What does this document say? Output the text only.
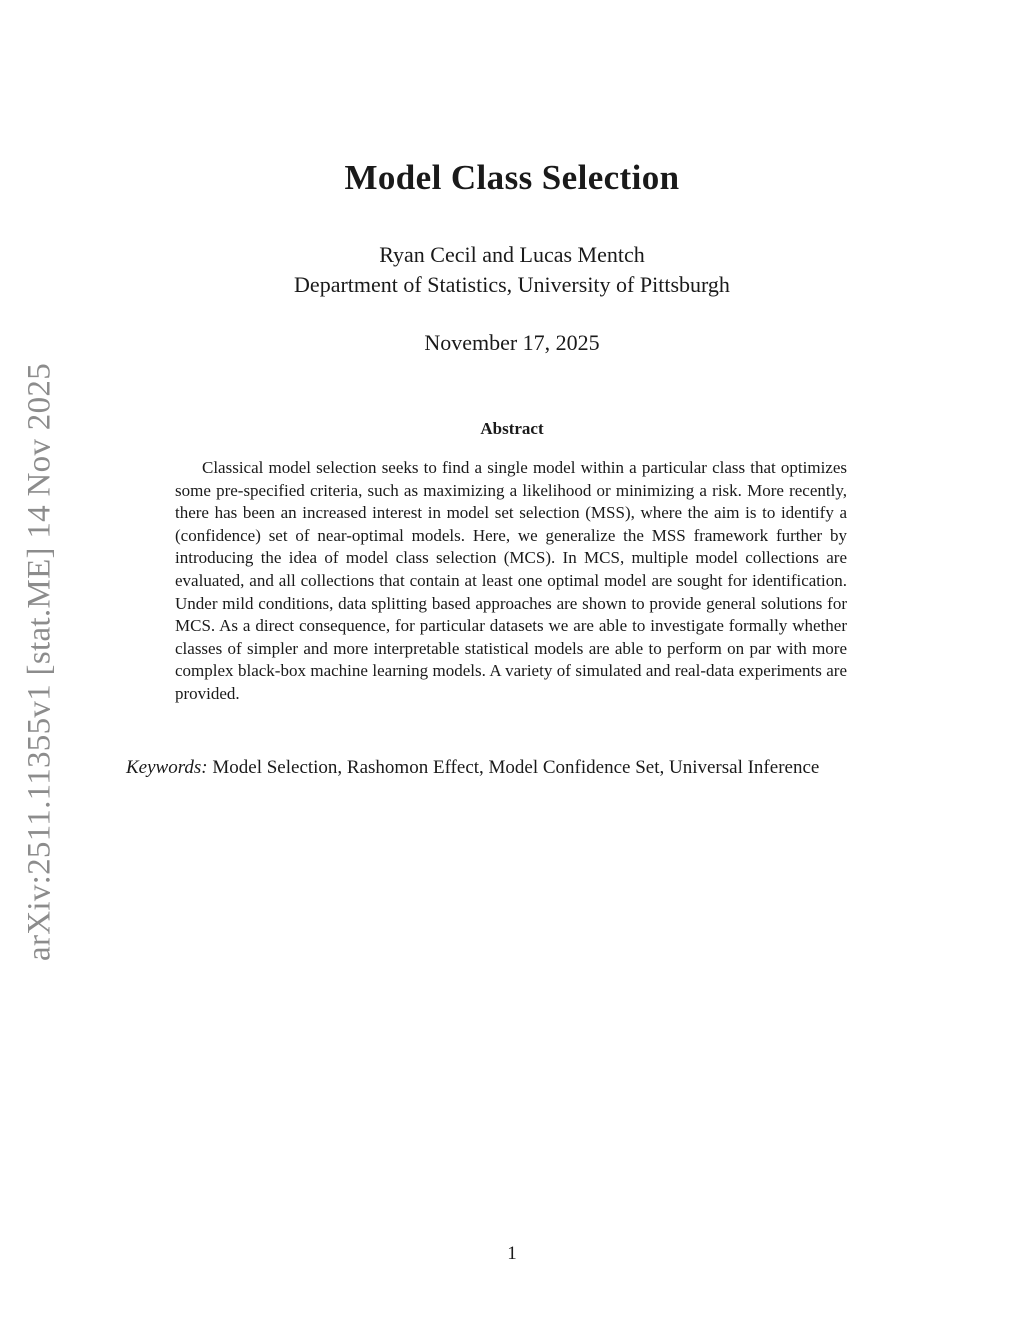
arXiv:2511.11355v1 [stat.ME] 14 Nov 2025
Model Class Selection
Ryan Cecil and Lucas Mentch
Department of Statistics, University of Pittsburgh
November 17, 2025
Abstract
Classical model selection seeks to find a single model within a particular class that optimizes some pre-specified criteria, such as maximizing a likelihood or minimizing a risk. More recently, there has been an increased interest in model set selection (MSS), where the aim is to identify a (confidence) set of near-optimal models. Here, we generalize the MSS framework further by introducing the idea of model class selection (MCS). In MCS, multiple model collections are evaluated, and all collections that contain at least one optimal model are sought for identification. Under mild conditions, data splitting based approaches are shown to provide general solutions for MCS. As a direct consequence, for particular datasets we are able to investigate formally whether classes of simpler and more interpretable statistical models are able to perform on par with more complex black-box machine learning models. A variety of simulated and real-data experiments are provided.
Keywords: Model Selection, Rashomon Effect, Model Confidence Set, Universal Inference
1
